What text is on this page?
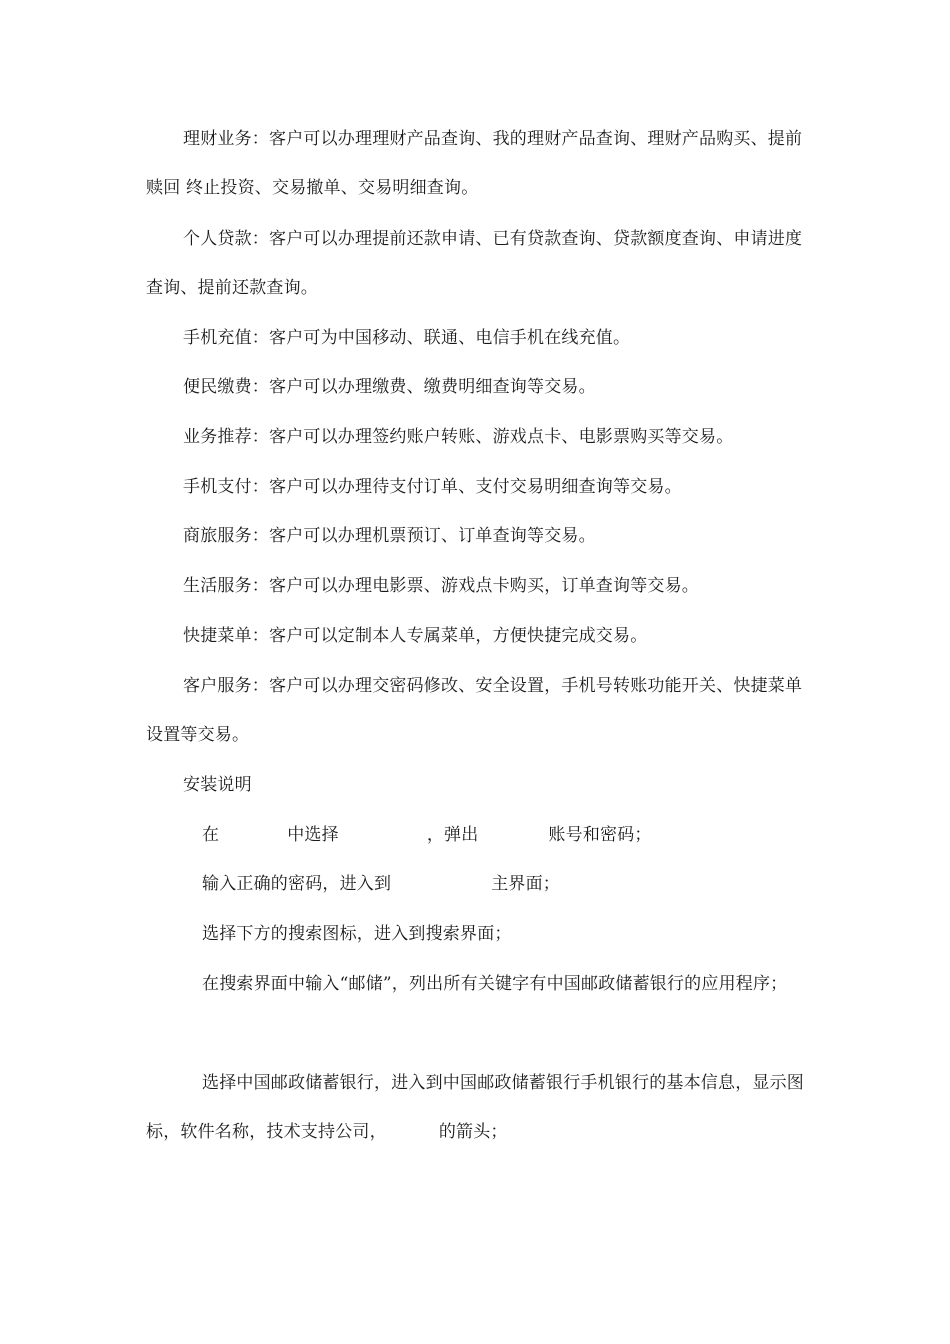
理财业务：客户可以办理理财产品查询、我的理财产品查询、理财产品购买、提前赎回 终止投资、交易撤单、交易明细查询。

个人贷款：客户可以办理提前还款申请、已有贷款查询、贷款额度查询、申请进度查询、提前还款查询。

手机充值：客户可为中国移动、联通、电信手机在线充值。

便民缴费：客户可以办理缴费、缴费明细查询等交易。

业务推荐：客户可以办理签约账户转账、游戏点卡、电影票购买等交易。

手机支付：客户可以办理待支付订单、支付交易明细查询等交易。

商旅服务：客户可以办理机票预订、订单查询等交易。

生活服务：客户可以办理电影票、游戏点卡购买，订单查询等交易。

快捷菜单：客户可以定制本人专属菜单，方便快捷完成交易。

客户服务：客户可以办理交密码修改、安全设置，手机号转账功能开关、快捷菜单设置等交易。

安装说明

在	中选择	，弹出	账号和密码；

输入正确的密码，进入到	主界面；

选择下方的搜索图标，进入到搜索界面；

在搜索界面中输入“邮储”，列出所有关键字有中国邮政储蓄银行的应用程序；

选择中国邮政储蓄银行，进入到中国邮政储蓄银行手机银行的基本信息，显示图标，软件名称，技术支持公司，	的箭头；
